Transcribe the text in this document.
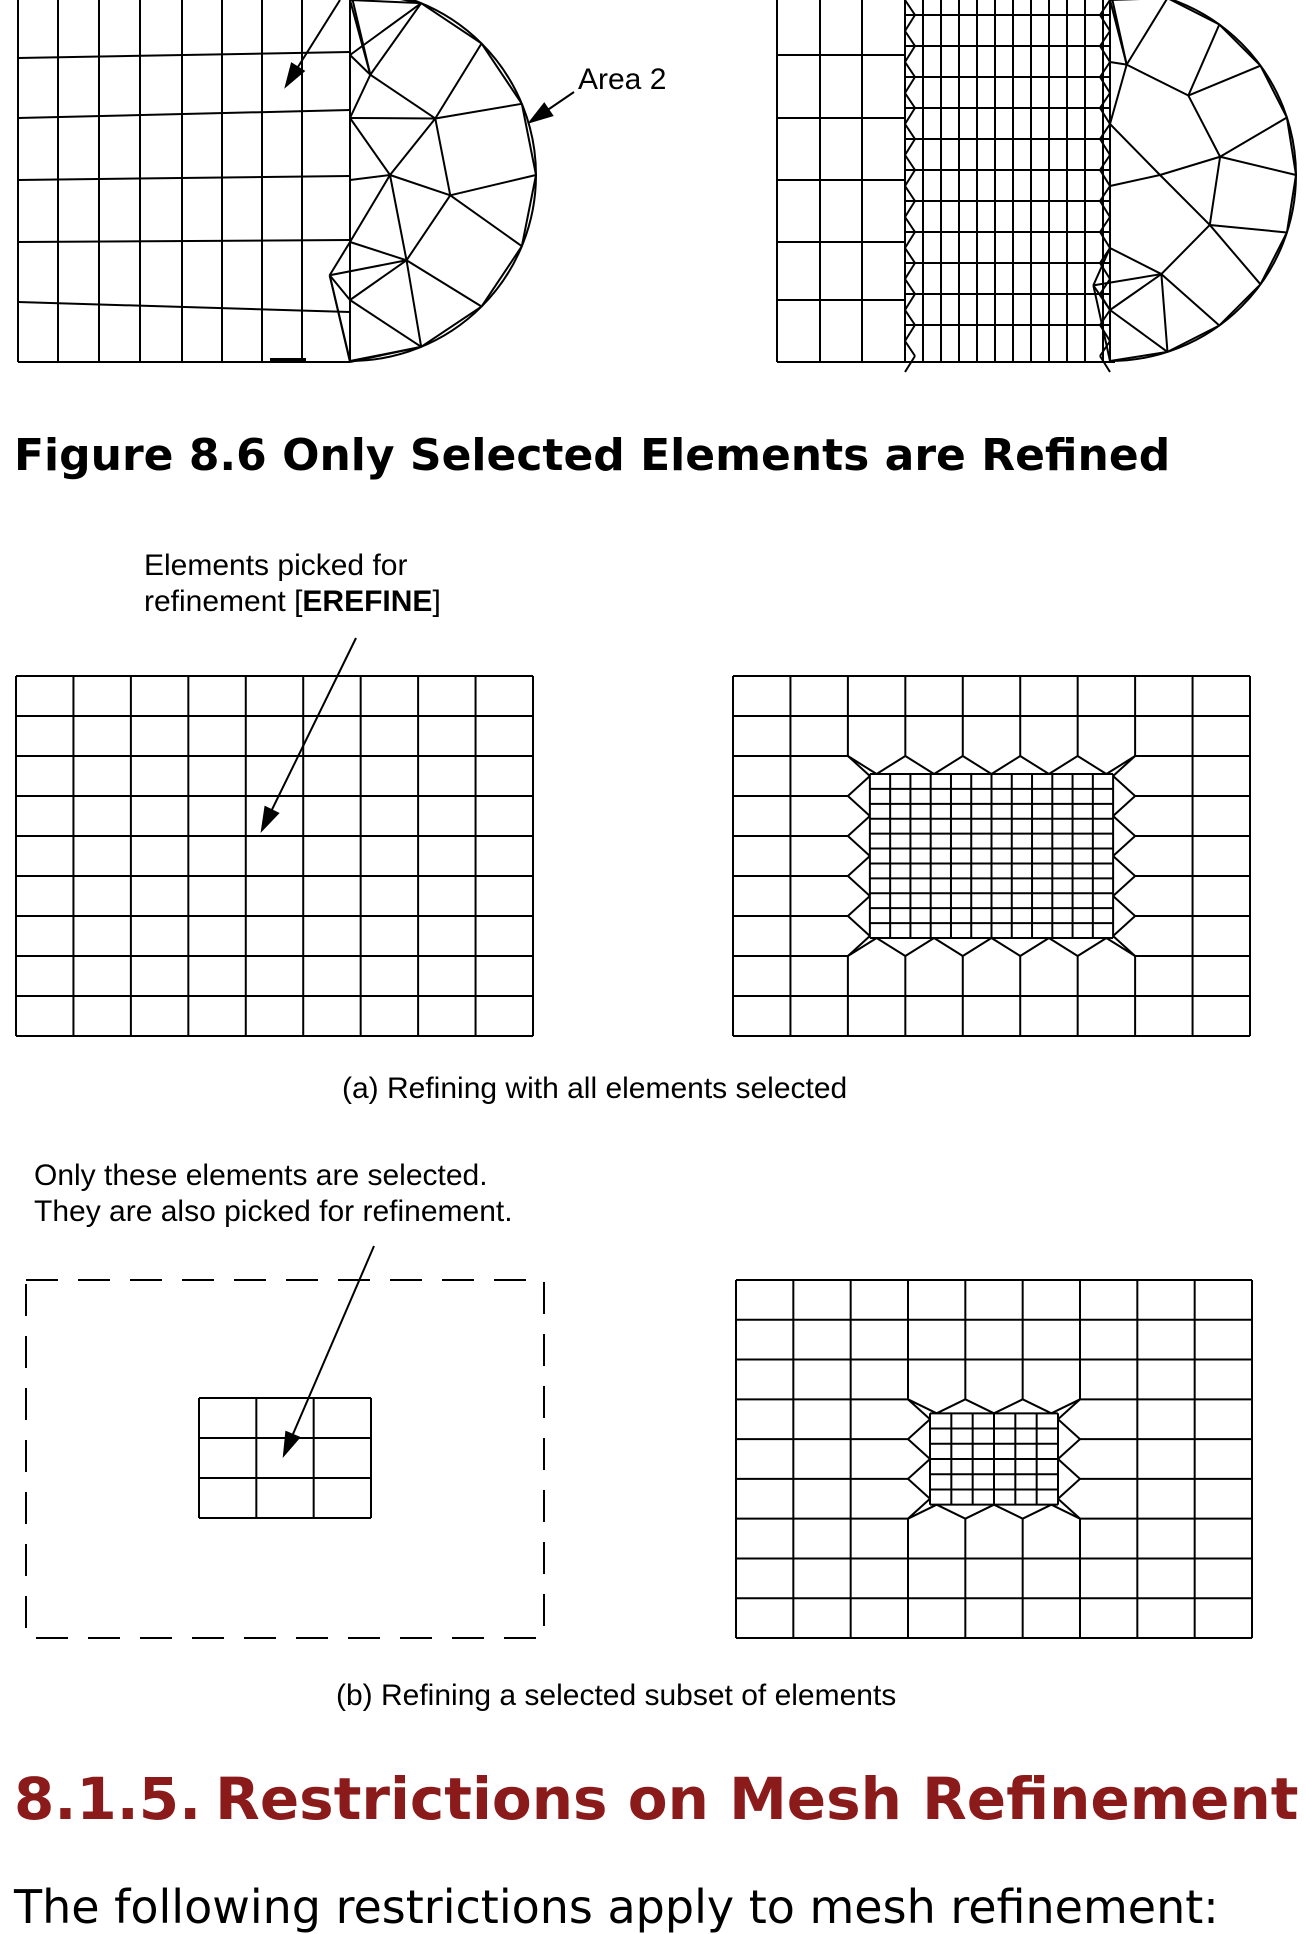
Area 2
Figure 8.6 Only Selected Elements are Refined
Elements picked for
refinement [EREFINE]
(a) Refining with all elements selected
Only these elements are selected.
They are also picked for refinement.
(b) Refining a selected subset of elements
8.1.5. Restrictions on Mesh Refinement
The following restrictions apply to mesh refinement:
